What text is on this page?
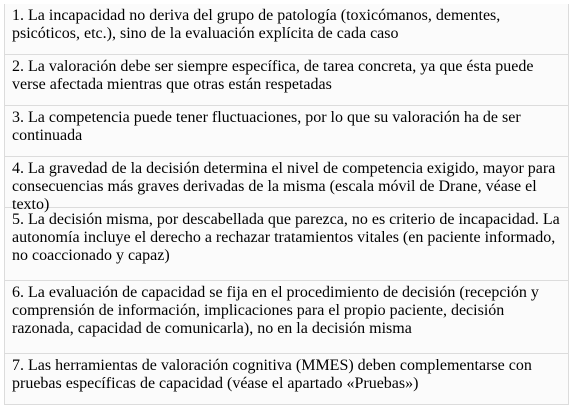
1. La incapacidad no deriva del grupo de patología (toxicómanos, dementes, psicóticos, etc.), sino de la evaluación explícita de cada caso
2. La valoración debe ser siempre específica, de tarea concreta, ya que ésta puede verse afectada mientras que otras están respetadas
3. La competencia puede tener fluctuaciones, por lo que su valoración ha de ser continuada
4. La gravedad de la decisión determina el nivel de competencia exigido, mayor para consecuencias más graves derivadas de la misma (escala móvil de Drane, véase el texto)
5. La decisión misma, por descabellada que parezca, no es criterio de incapacidad. La autonomía incluye el derecho a rechazar tratamientos vitales (en paciente informado, no coaccionado y capaz)
6. La evaluación de capacidad se fija en el procedimiento de decisión (recepción y comprensión de información, implicaciones para el propio paciente, decisión razonada, capacidad de comunicarla), no en la decisión misma
7. Las herramientas de valoración cognitiva (MMES) deben complementarse con pruebas específicas de capacidad (véase el apartado «Pruebas»)
